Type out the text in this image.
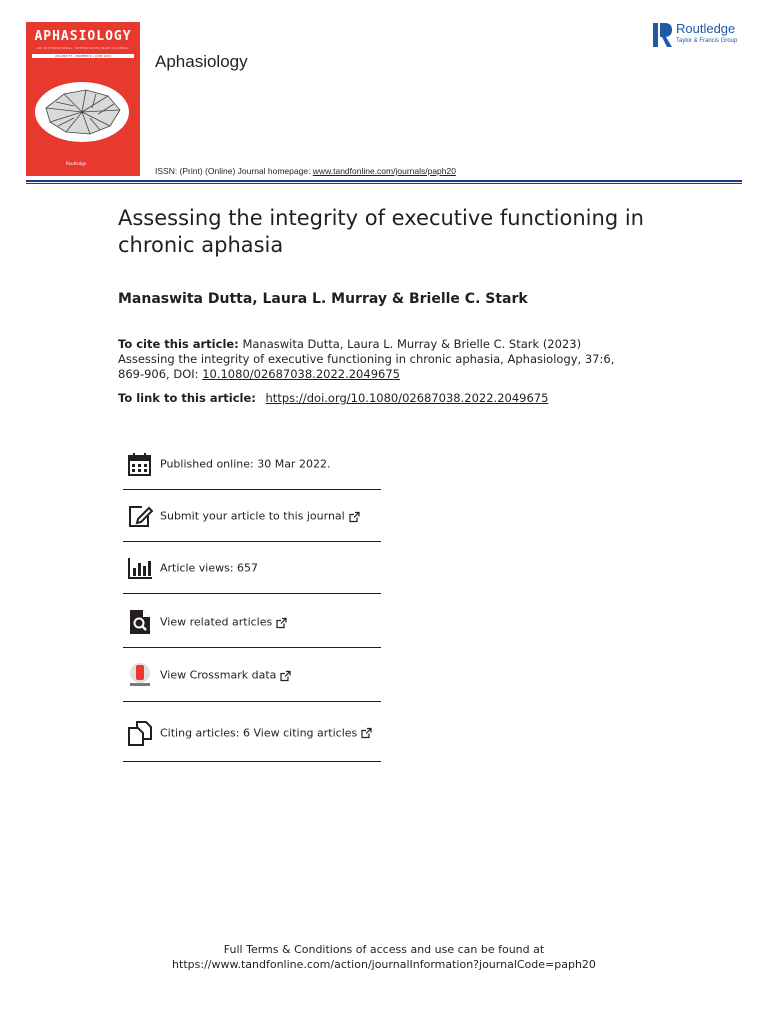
APHASIOLOGY
AN INTERNATIONAL, INTERDISCIPLINARY JOURNAL
VOLUME 37 • NUMBER 6 • JUNE 2023
Routledge
Aphasiology
ISSN: (Print) (Online) Journal homepage: www.tandfonline.com/journals/paph20
Routledge
Taylor & Francis Group
Assessing the integrity of executive functioning in chronic aphasia
Manaswita Dutta, Laura L. Murray & Brielle C. Stark
To cite this article: Manaswita Dutta, Laura L. Murray & Brielle C. Stark (2023) Assessing the integrity of executive functioning in chronic aphasia, Aphasiology, 37:6, 869-906, DOI: 10.1080/02687038.2022.2049675
To link to this article: https://doi.org/10.1080/02687038.2022.2049675
Published online: 30 Mar 2022.
Submit your article to this journal
Article views: 657
View related articles
View Crossmark data
Citing articles: 6 View citing articles
Full Terms & Conditions of access and use can be found at
https://www.tandfonline.com/action/journalInformation?journalCode=paph20
